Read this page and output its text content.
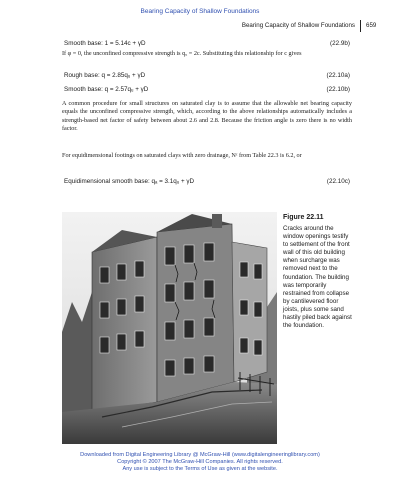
Bearing Capacity of Shallow Foundations
Bearing Capacity of Shallow Foundations 659
Smooth base: 1 = 5.14c + γD	(22.9b)
If φ = 0, the unconfined compressive strength is qᵤ = 2c. Substituting this relationship for c gives
Rough base: q = 2.85qᵤ + γD	(22.10a)
Smooth base: q = 2.57qᵤ + γD	(22.10b)
A common procedure for small structures on saturated clay is to assume that the allowable net bearing capacity equals the unconfined compressive strength, which, according to the above relationships automatically includes a strength-based net factor of safety between about 2.6 and 2.8. Because the friction angle is zero there is no width factor.
For equidimensional footings on saturated clays with zero drainage, Nᶜ from Table 22.3 is 6.2, or
Equidimensional smooth base: qₐ = 3.1qᵤ + γD	(22.10c)
Figure 22.11
Cracks around the window openings testify to settlement of the front wall of this old building when surcharge was removed next to the foundation. The building was temporarily restrained from collapse by cantilevered floor joists, plus some sand hastily piled back against the foundation.
Downloaded from Digital Engineering Library @ McGraw-Hill (www.digitalengineeringlibrary.com)
Copyright © 2007 The McGraw-Hill Companies. All rights reserved.
Any use is subject to the Terms of Use as given at the website.
